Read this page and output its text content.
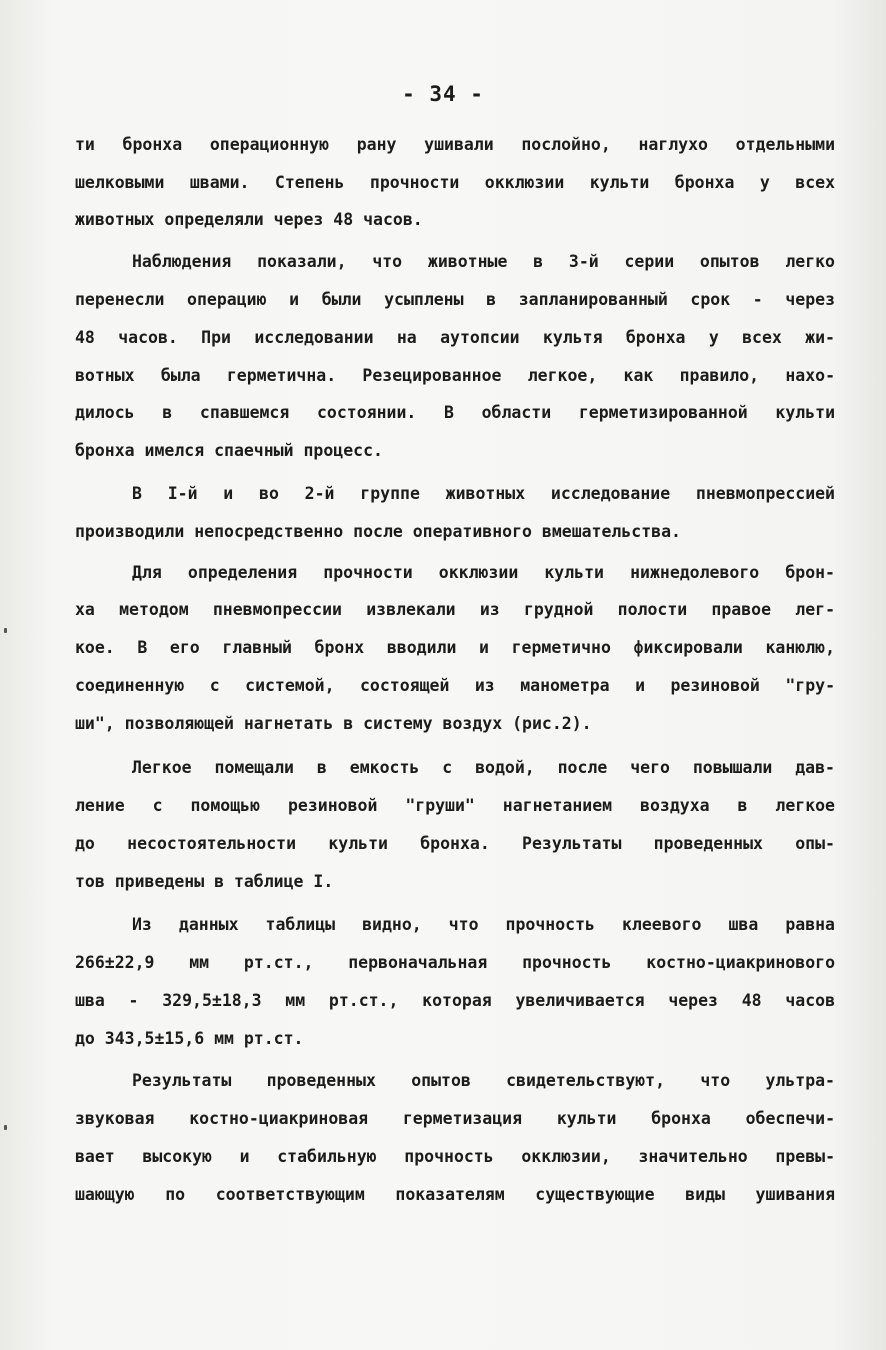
- 34 -
ти бронха операционную рану ушивали послойно, наглухо отдельными
шелковыми швами. Степень прочности окклюзии культи бронха у всех
животных определяли через 48 часов.
Наблюдения показали, что животные в 3-й серии опытов легко
перенесли операцию и были усыплены в запланированный срок - через
48 часов. При исследовании на аутопсии культя бронха у всех жи-
вотных была герметична. Резецированное легкое, как правило, нахо-
дилось в спавшемся состоянии. В области герметизированной культи
бронха имелся спаечный процесс.
В I-й и во 2-й группе животных исследование пневмопрессией
производили непосредственно после оперативного вмешательства.
Для определения прочности окклюзии культи нижнедолевого брон-
ха методом пневмопрессии извлекали из грудной полости правое лег-
кое. В его главный бронх вводили и герметично фиксировали канюлю,
соединенную с системой, состоящей из манометра и резиновой "гру-
ши", позволяющей нагнетать в систему воздух (рис.2).
Легкое помещали в емкость с водой, после чего повышали дав-
ление с помощью резиновой "груши" нагнетанием воздуха в легкое
до несостоятельности культи бронха. Результаты проведенных опы-
тов приведены в таблице I.
Из данных таблицы видно, что прочность клеевого шва равна
266±22,9 мм рт.ст., первоначальная прочность костно-циакринового
шва - 329,5±18,3 мм рт.ст., которая увеличивается через 48 часов
до 343,5±15,6 мм рт.ст.
Результаты проведенных опытов свидетельствуют, что ультра-
звуковая костно-циакриновая герметизация культи бронха обеспечи-
вает высокую и стабильную прочность окклюзии, значительно превы-
шающую по соответствующим показателям существующие виды ушивания
